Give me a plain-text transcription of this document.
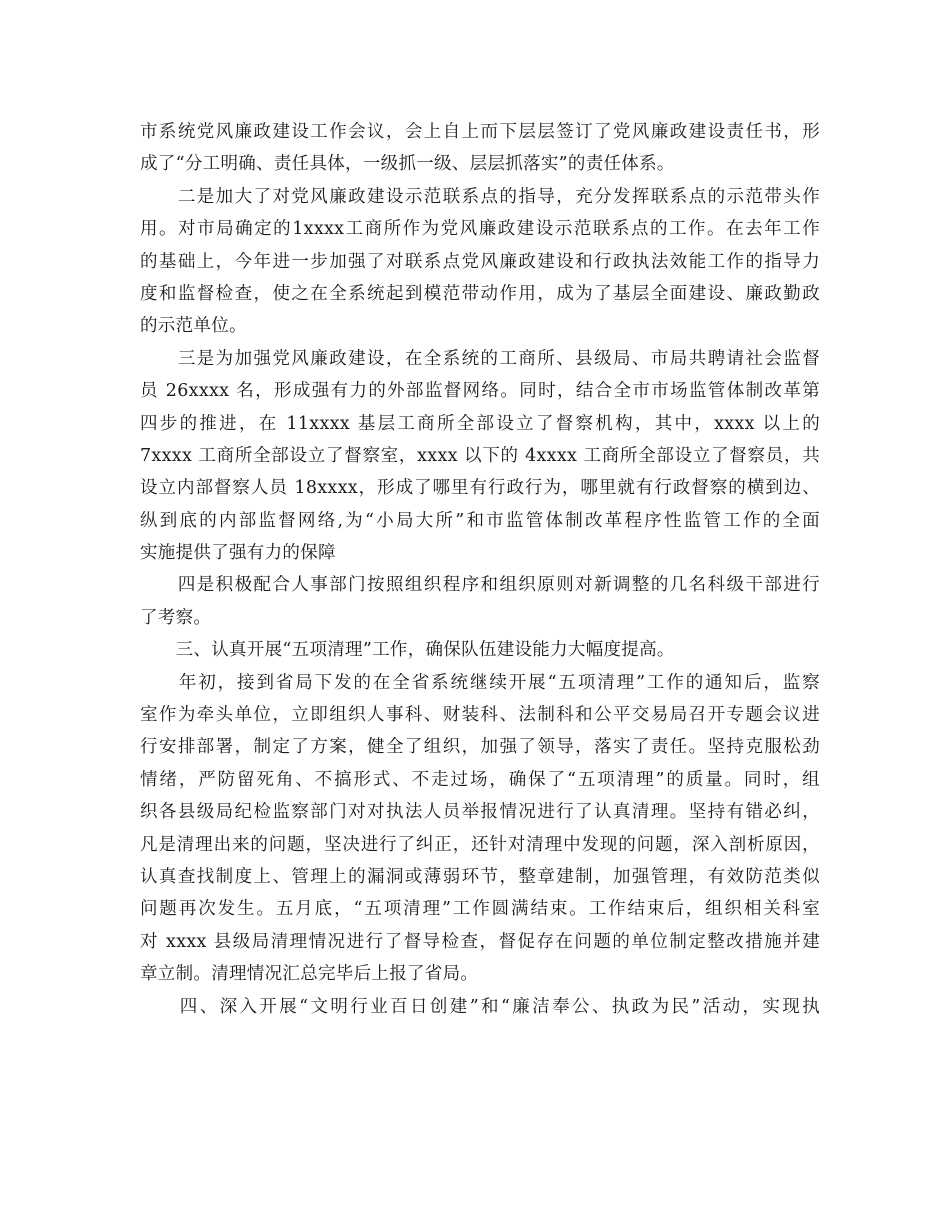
市系统党风廉政建设工作会议，会上自上而下层层签订了党风廉政建设责任书，形
成了“分工明确、责任具体，一级抓一级、层层抓落实”的责任体系。
　　二是加大了对党风廉政建设示范联系点的指导，充分发挥联系点的示范带头作
用。对市局确定的1xxxx工商所作为党风廉政建设示范联系点的工作。在去年工作
的基础上，今年进一步加强了对联系点党风廉政建设和行政执法效能工作的指导力
度和监督检查，使之在全系统起到模范带动作用，成为了基层全面建设、廉政勤政
的示范单位。
　　三是为加强党风廉政建设，在全系统的工商所、县级局、市局共聘请社会监督
员 26xxxx 名，形成强有力的外部监督网络。同时，结合全市市场监管体制改革第
四步的推进，在 11xxxx 基层工商所全部设立了督察机构，其中，xxxx 以上的
7xxxx 工商所全部设立了督察室，xxxx 以下的 4xxxx 工商所全部设立了督察员，共
设立内部督察人员 18xxxx，形成了哪里有行政行为，哪里就有行政督察的横到边、
纵到底的内部监督网络,为“小局大所”和市监管体制改革程序性监管工作的全面
实施提供了强有力的保障
　　四是积极配合人事部门按照组织程序和组织原则对新调整的几名科级干部进行
了考察。
　　三、认真开展“五项清理”工作，确保队伍建设能力大幅度提高。
　　年初，接到省局下发的在全省系统继续开展“五项清理”工作的通知后，监察
室作为牵头单位，立即组织人事科、财装科、法制科和公平交易局召开专题会议进
行安排部署，制定了方案，健全了组织，加强了领导，落实了责任。坚持克服松劲
情绪，严防留死角、不搞形式、不走过场，确保了“五项清理”的质量。同时，组
织各县级局纪检监察部门对对执法人员举报情况进行了认真清理。坚持有错必纠，
凡是清理出来的问题，坚决进行了纠正，还针对清理中发现的问题，深入剖析原因，
认真查找制度上、管理上的漏洞或薄弱环节，整章建制，加强管理，有效防范类似
问题再次发生。五月底，“五项清理”工作圆满结束。工作结束后，组织相关科室
对 xxxx 县级局清理情况进行了督导检查，督促存在问题的单位制定整改措施并建
章立制。清理情况汇总完毕后上报了省局。
　　四、深入开展“文明行业百日创建”和“廉洁奉公、执政为民”活动，实现执
